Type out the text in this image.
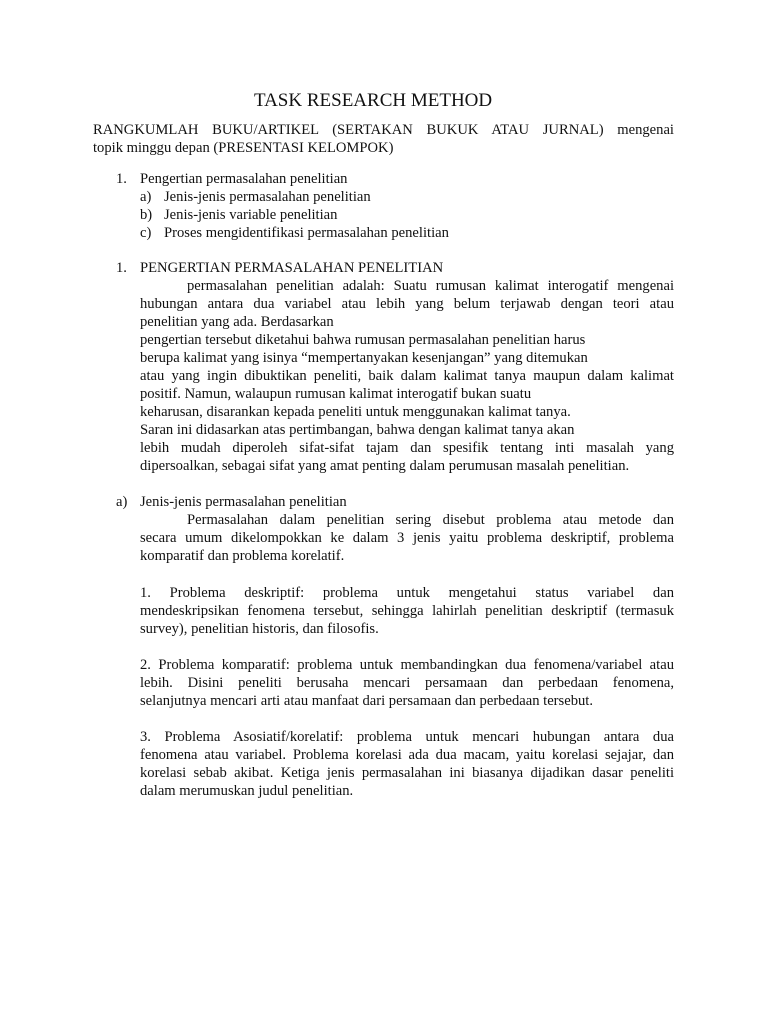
TASK RESEARCH METHOD
RANGKUMLAH BUKU/ARTIKEL (SERTAKAN BUKUK ATAU JURNAL) mengenai
topik minggu depan (PRESENTASI KELOMPOK)
1. Pengertian permasalahan penelitian
a) Jenis-jenis permasalahan penelitian
b) Jenis-jenis variable penelitian
c) Proses mengidentifikasi permasalahan penelitian
1. PENGERTIAN PERMASALAHAN PENELITIAN
permasalahan penelitian adalah: Suatu rumusan kalimat interogatif mengenai
hubungan antara dua variabel atau lebih yang belum terjawab dengan teori atau
penelitian yang ada. Berdasarkan
pengertian tersebut diketahui bahwa rumusan permasalahan penelitian harus
berupa kalimat yang isinya “mempertanyakan kesenjangan” yang ditemukan
atau yang ingin dibuktikan peneliti, baik dalam kalimat tanya maupun dalam kalimat
positif. Namun, walaupun rumusan kalimat interogatif bukan suatu
keharusan, disarankan kepada peneliti untuk menggunakan kalimat tanya.
Saran ini didasarkan atas pertimbangan, bahwa dengan kalimat tanya akan
lebih mudah diperoleh sifat-sifat tajam dan spesifik tentang inti masalah yang
dipersoalkan, sebagai sifat yang amat penting dalam perumusan masalah penelitian.
a) Jenis-jenis permasalahan penelitian
Permasalahan dalam penelitian sering disebut problema atau metode dan
secara umum dikelompokkan ke dalam 3 jenis yaitu problema deskriptif, problema
komparatif dan problema korelatif.
1. Problema deskriptif: problema untuk mengetahui status variabel dan
mendeskripsikan fenomena tersebut, sehingga lahirlah penelitian deskriptif (termasuk
survey), penelitian historis, dan filosofis.
2. Problema komparatif: problema untuk membandingkan dua fenomena/variabel atau
lebih. Disini peneliti berusaha mencari persamaan dan perbedaan fenomena,
selanjutnya mencari arti atau manfaat dari persamaan dan perbedaan tersebut.
3. Problema Asosiatif/korelatif: problema untuk mencari hubungan antara dua
fenomena atau variabel. Problema korelasi ada dua macam, yaitu korelasi sejajar, dan
korelasi sebab akibat. Ketiga jenis permasalahan ini biasanya dijadikan dasar peneliti
dalam merumuskan judul penelitian.
